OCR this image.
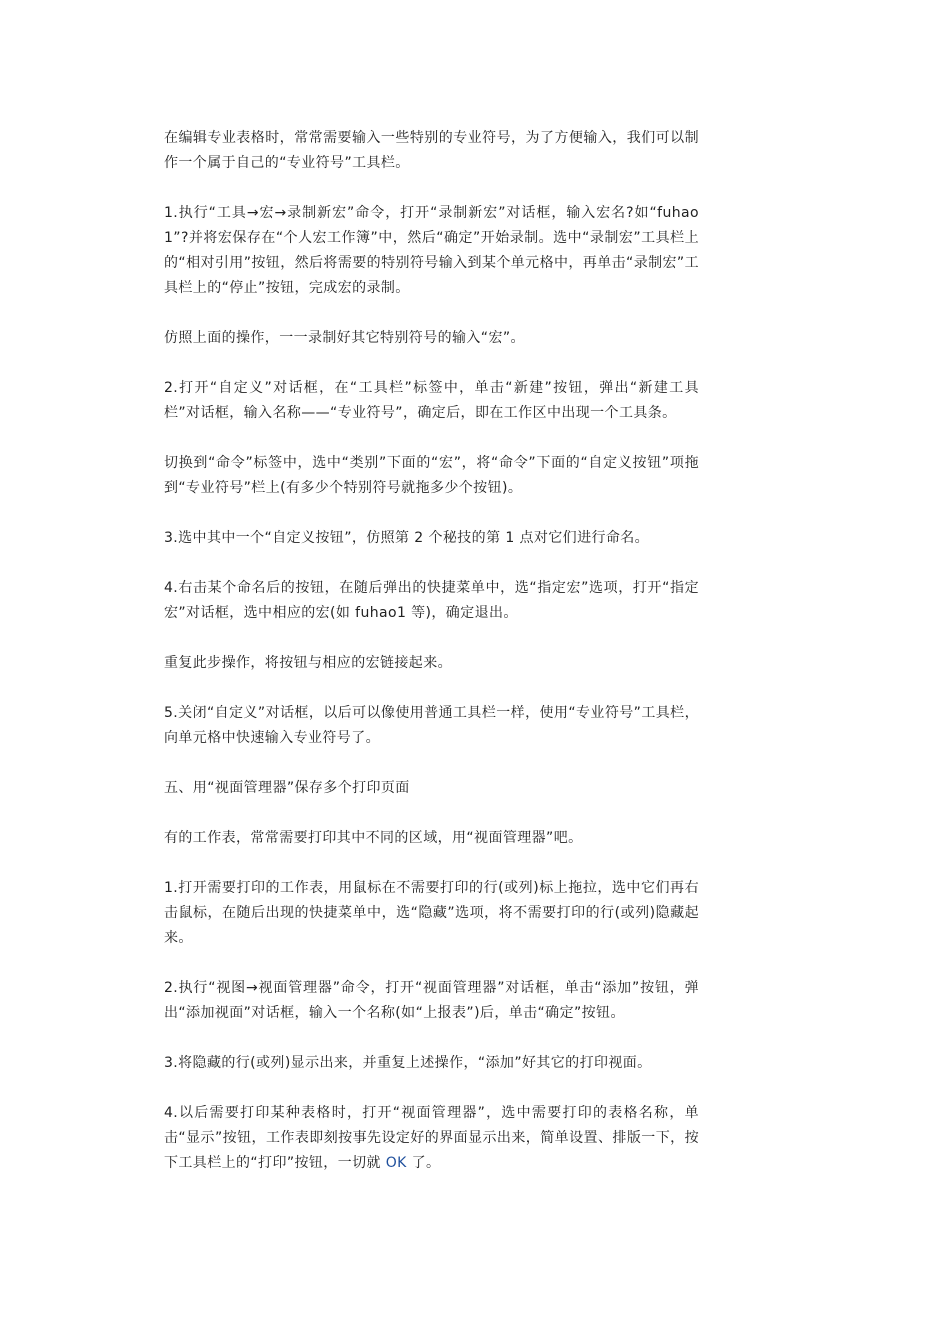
在编辑专业表格时，常常需要输入一些特别的专业符号，为了方便输入，我们可以制作一个属于自己的“专业符号”工具栏。

1.执行“工具→宏→录制新宏”命令，打开“录制新宏”对话框，输入宏名?如“fuhao1”?并将宏保存在“个人宏工作簿”中，然后“确定”开始录制。选中“录制宏”工具栏上的“相对引用”按钮，然后将需要的特别符号输入到某个单元格中，再单击“录制宏”工具栏上的“停止”按钮，完成宏的录制。

仿照上面的操作，一一录制好其它特别符号的输入“宏”。

2.打开“自定义”对话框，在“工具栏”标签中，单击“新建”按钮，弹出“新建工具栏”对话框，输入名称——“专业符号”，确定后，即在工作区中出现一个工具条。

切换到“命令”标签中，选中“类别”下面的“宏”，将“命令”下面的“自定义按钮”项拖到“专业符号”栏上(有多少个特别符号就拖多少个按钮)。

3.选中其中一个“自定义按钮”，仿照第 2 个秘技的第 1 点对它们进行命名。

4.右击某个命名后的按钮，在随后弹出的快捷菜单中，选“指定宏”选项，打开“指定宏”对话框，选中相应的宏(如 fuhao1 等)，确定退出。

重复此步操作，将按钮与相应的宏链接起来。

5.关闭“自定义”对话框，以后可以像使用普通工具栏一样，使用“专业符号”工具栏，向单元格中快速输入专业符号了。

五、用“视面管理器”保存多个打印页面

有的工作表，常常需要打印其中不同的区域，用“视面管理器”吧。

1.打开需要打印的工作表，用鼠标在不需要打印的行(或列)标上拖拉，选中它们再右击鼠标，在随后出现的快捷菜单中，选“隐藏”选项，将不需要打印的行(或列)隐藏起来。

2.执行“视图→视面管理器”命令，打开“视面管理器”对话框，单击“添加”按钮，弹出“添加视面”对话框，输入一个名称(如“上报表”)后，单击“确定”按钮。

3.将隐藏的行(或列)显示出来，并重复上述操作，“添加”好其它的打印视面。

4.以后需要打印某种表格时，打开“视面管理器”，选中需要打印的表格名称，单击“显示”按钮，工作表即刻按事先设定好的界面显示出来，简单设置、排版一下，按下工具栏上的“打印”按钮，一切就 OK 了。
